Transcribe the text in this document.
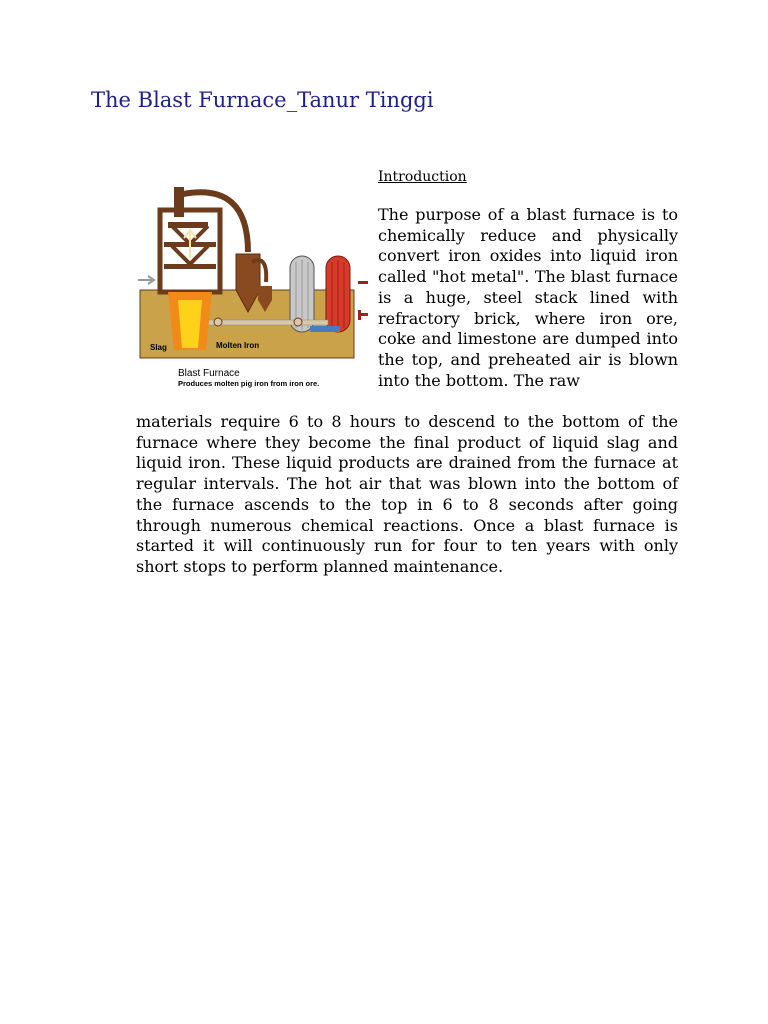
The Blast Furnace_Tanur Tinggi
Slag	Molten Iron
Blast Furnace
Produces molten pig iron from iron ore.
Introduction

The purpose of a blast furnace is to chemically reduce and physically convert iron oxides into liquid iron called "hot metal". The blast furnace is a huge, steel stack lined with refractory brick, where iron ore, coke and limestone are dumped into the top, and preheated air is blown into the bottom. The raw

materials require 6 to 8 hours to descend to the bottom of the furnace where they become the final product of liquid slag and liquid iron. These liquid products are drained from the furnace at regular intervals. The hot air that was blown into the bottom of the furnace ascends to the top in 6 to 8 seconds after going through numerous chemical reactions. Once a blast furnace is started it will continuously run for four to ten years with only short stops to perform planned maintenance.
